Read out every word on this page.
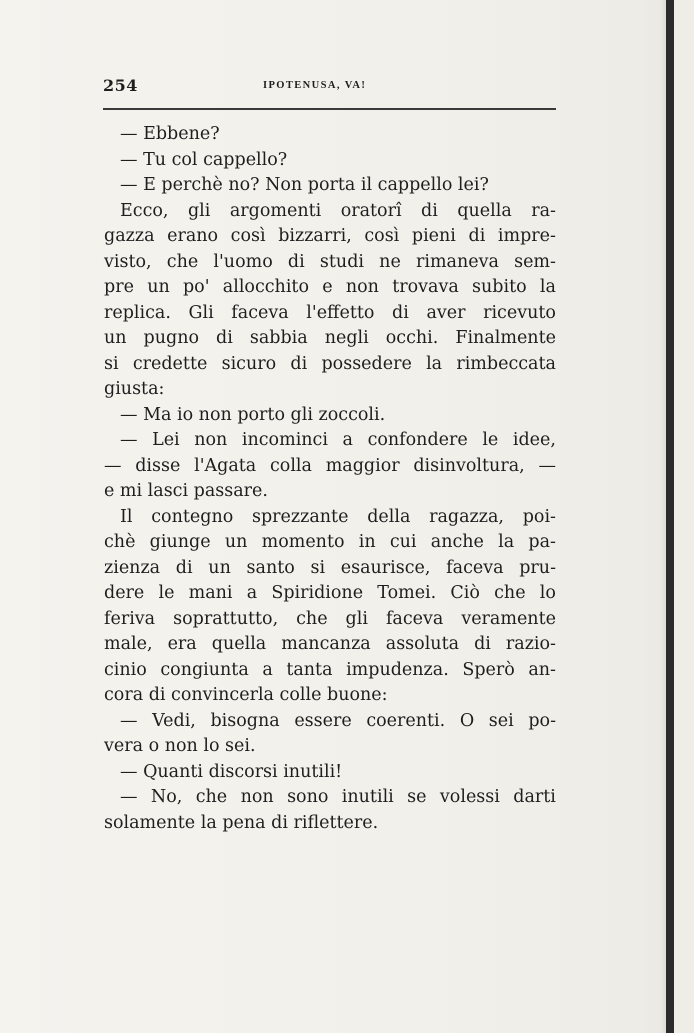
254	IPOTENUSA, VA!
— Ebbene?
— Tu col cappello?
— E perchè no? Non porta il cappello lei?
Ecco, gli argomenti oratorî di quella ra-
gazza erano così bizzarri, così pieni di impre-
visto, che l'uomo di studi ne rimaneva sem-
pre un po' allocchito e non trovava subito la
replica. Gli faceva l'effetto di aver ricevuto
un pugno di sabbia negli occhi. Finalmente
si credette sicuro di possedere la rimbeccata
giusta:
— Ma io non porto gli zoccoli.
— Lei non incominci a confondere le idee,
— disse l'Agata colla maggior disinvoltura, —
e mi lasci passare.
Il contegno sprezzante della ragazza, poi-
chè giunge un momento in cui anche la pa-
zienza di un santo si esaurisce, faceva pru-
dere le mani a Spiridione Tomei. Ciò che lo
feriva soprattutto, che gli faceva veramente
male, era quella mancanza assoluta di razio-
cinio congiunta a tanta impudenza. Sperò an-
cora di convincerla colle buone:
— Vedi, bisogna essere coerenti. O sei po-
vera o non lo sei.
— Quanti discorsi inutili!
— No, che non sono inutili se volessi darti
solamente la pena di riflettere.
